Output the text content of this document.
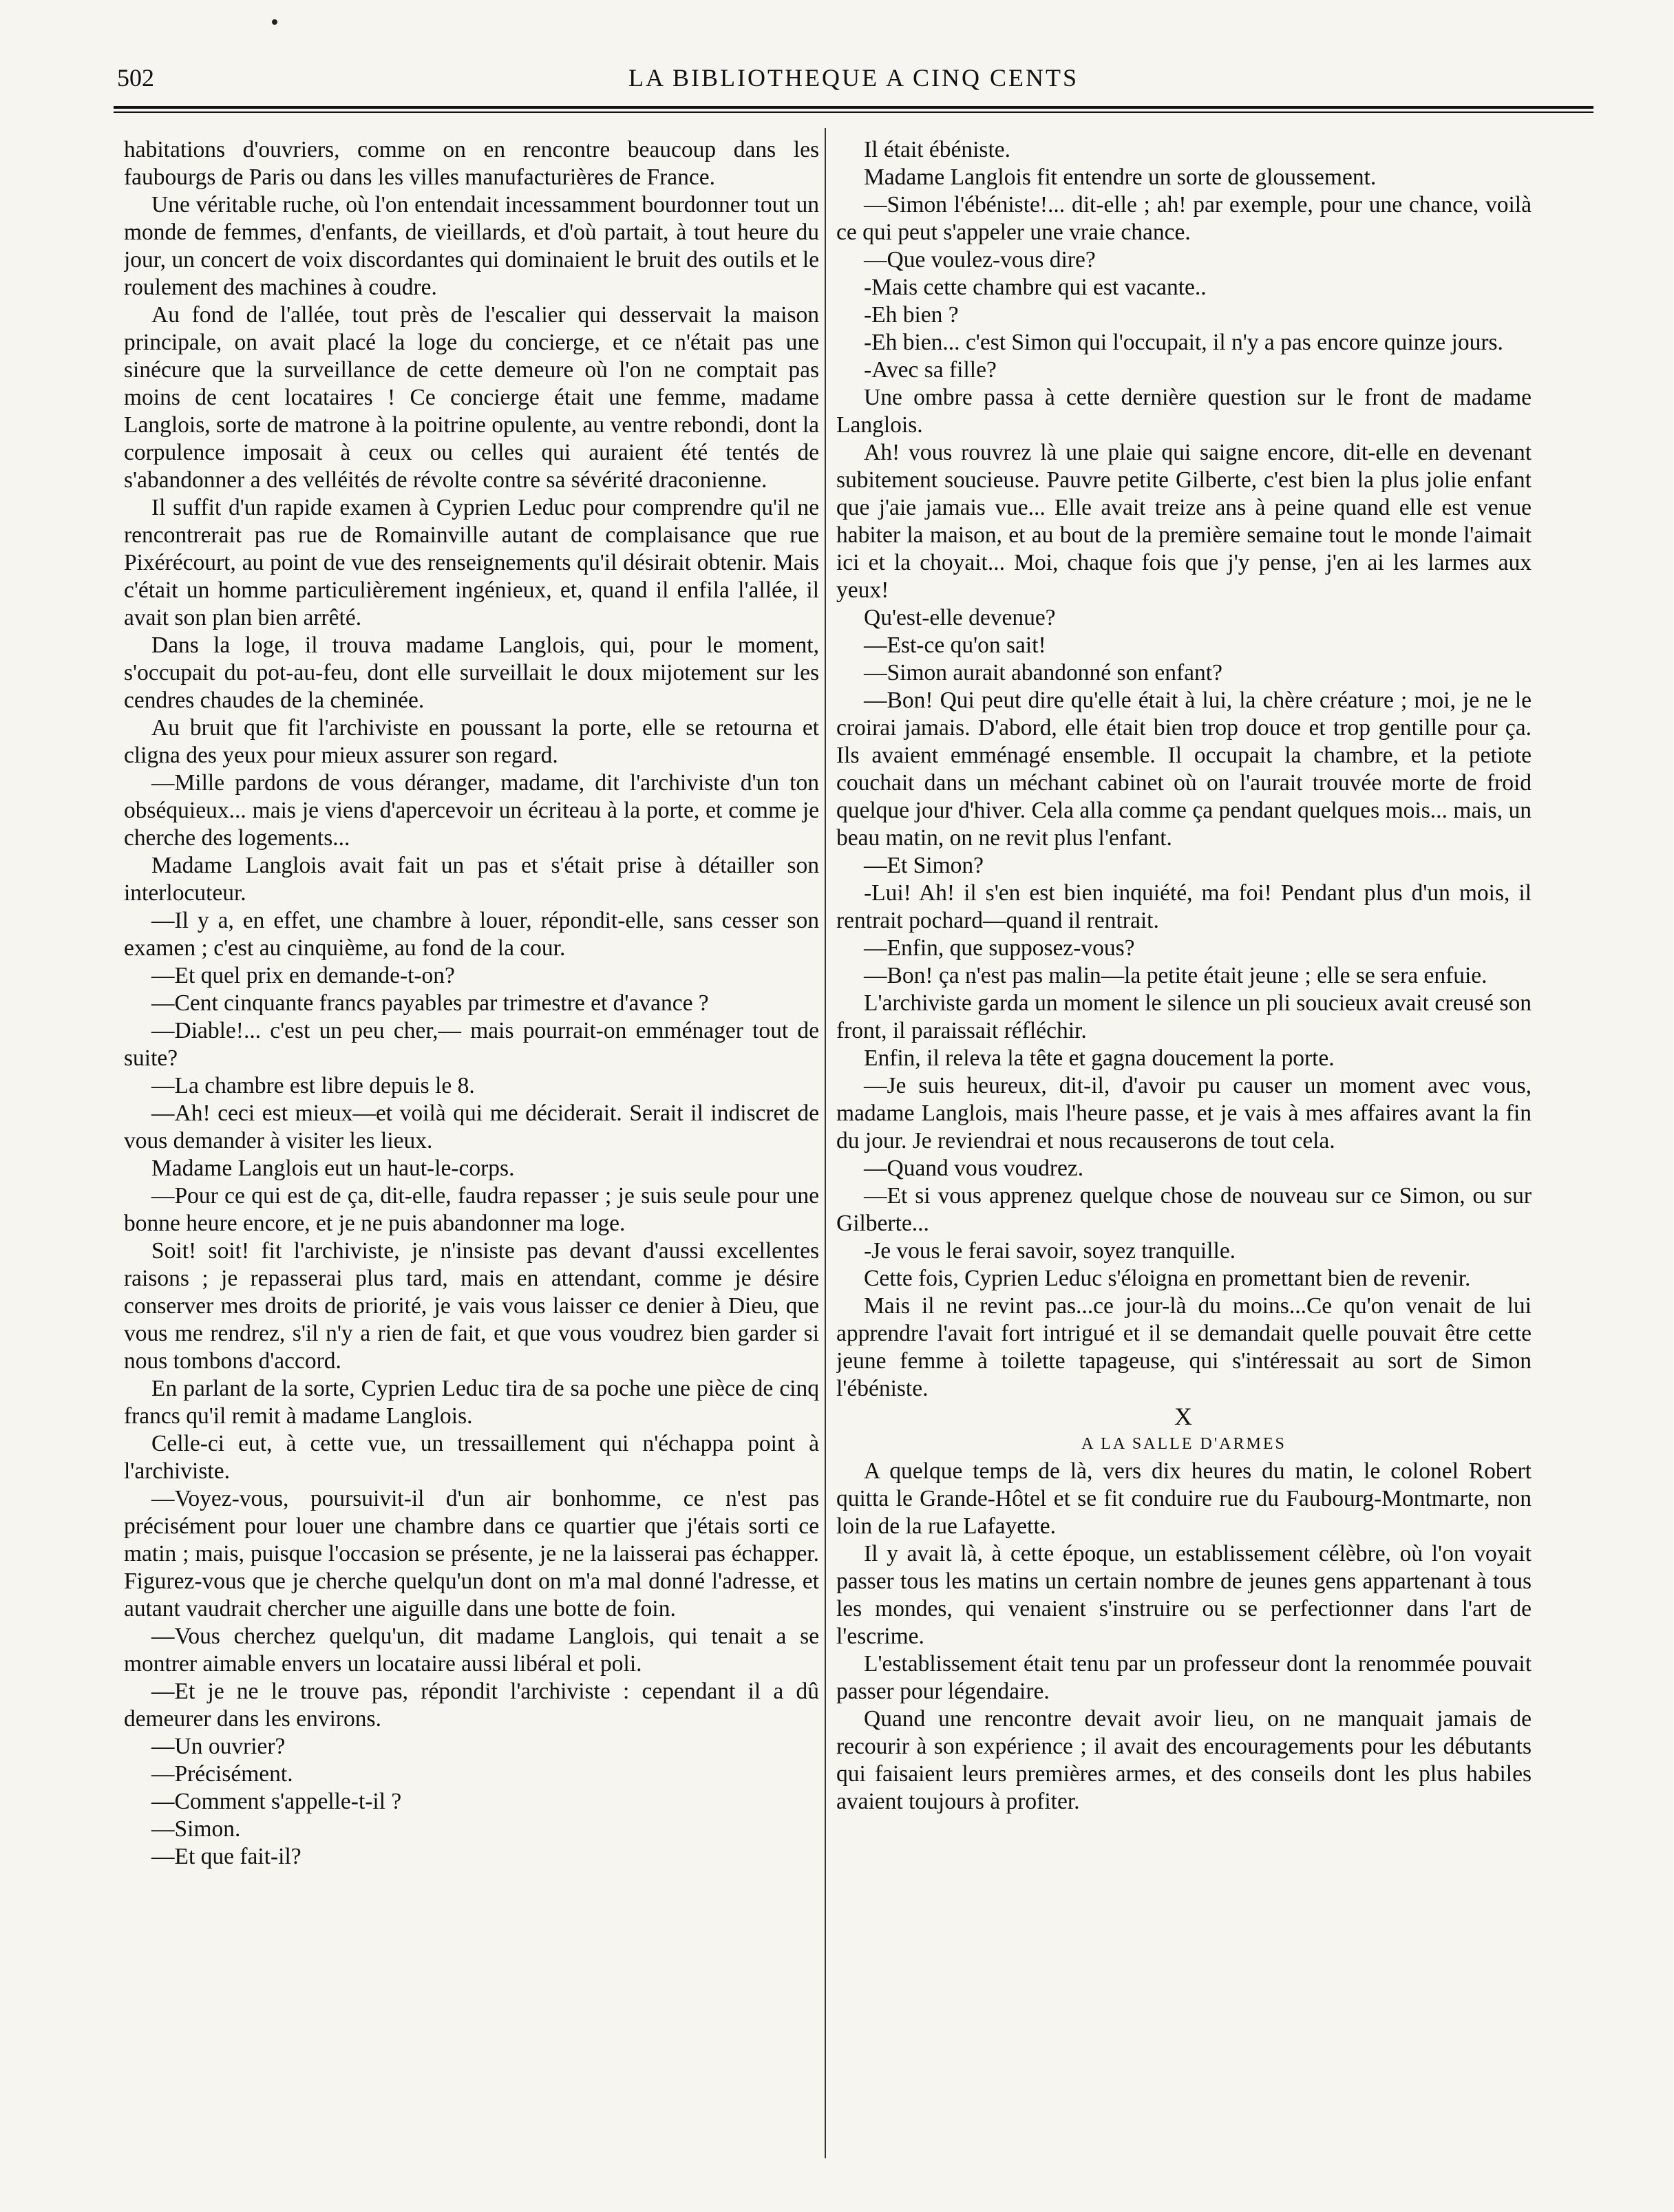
502	LA BIBLIOTHEQUE A CINQ CENTS

habitations d'ouvriers, comme on en rencontre beaucoup dans les faubourgs de Paris ou dans les villes manufacturières de France.

Une véritable ruche, où l'on entendait incessamment bourdonner tout un monde de femmes, d'enfants, de vieillards, et d'où partait, à tout heure du jour, un concert de voix discordantes qui dominaient le bruit des outils et le roulement des machines à coudre.

Au fond de l'allée, tout près de l'escalier qui desservait la maison principale, on avait placé la loge du concierge, et ce n'était pas une sinécure que la surveillance de cette demeure où l'on ne comptait pas moins de cent locataires ! Ce concierge était une femme, madame Langlois, sorte de matrone à la poitrine opulente, au ventre rebondi, dont la corpulence imposait à ceux ou celles qui auraient été tentés de s'abandonner a des velléités de révolte contre sa sévérité draconienne.

Il suffit d'un rapide examen à Cyprien Leduc pour comprendre qu'il ne rencontrerait pas rue de Romainville autant de complaisance que rue Pixérécourt, au point de vue des renseignements qu'il désirait obtenir. Mais c'était un homme particulièrement ingénieux, et, quand il enfila l'allée, il avait son plan bien arrêté.

Dans la loge, il trouva madame Langlois, qui, pour le moment, s'occupait du pot-au-feu, dont elle surveillait le doux mijotement sur les cendres chaudes de la cheminée.

Au bruit que fit l'archiviste en poussant la porte, elle se retourna et cligna des yeux pour mieux assurer son regard.

—Mille pardons de vous déranger, madame, dit l'archiviste d'un ton obséquieux... mais je viens d'apercevoir un écriteau à la porte, et comme je cherche des logements...

Madame Langlois avait fait un pas et s'était prise à détailler son interlocuteur.

—Il y a, en effet, une chambre à louer, répondit-elle, sans cesser son examen ; c'est au cinquième, au fond de la cour.

—Et quel prix en demande-t-on?

—Cent cinquante francs payables par trimestre et d'avance ?

—Diable!... c'est un peu cher,— mais pourrait-on emménager tout de suite?

—La chambre est libre depuis le 8.

—Ah! ceci est mieux—et voilà qui me déciderait. Serait il indiscret de vous demander à visiter les lieux.

Madame Langlois eut un haut-le-corps.

—Pour ce qui est de ça, dit-elle, faudra repasser ; je suis seule pour une bonne heure encore, et je ne puis abandonner ma loge.

Soit! soit! fit l'archiviste, je n'insiste pas devant d'aussi excellentes raisons ; je repasserai plus tard, mais en attendant, comme je désire conserver mes droits de priorité, je vais vous laisser ce denier à Dieu, que vous me rendrez, s'il n'y a rien de fait, et que vous voudrez bien garder si nous tombons d'accord.

En parlant de la sorte, Cyprien Leduc tira de sa poche une pièce de cinq francs qu'il remit à madame Langlois.

Celle-ci eut, à cette vue, un tressaillement qui n'échappa point à l'archiviste.

—Voyez-vous, poursuivit-il d'un air bonhomme, ce n'est pas précisément pour louer une chambre dans ce quartier que j'étais sorti ce matin ; mais, puisque l'occasion se présente, je ne la laisserai pas échapper. Figurez-vous que je cherche quelqu'un dont on m'a mal donné l'adresse, et autant vaudrait chercher une aiguille dans une botte de foin.

—Vous cherchez quelqu'un, dit madame Langlois, qui tenait a se montrer aimable envers un locataire aussi libéral et poli.

—Et je ne le trouve pas, répondit l'archiviste : cependant il a dû demeurer dans les environs.

—Un ouvrier?

—Précisément.

—Comment s'appelle-t-il ?

—Simon.

—Et que fait-il?

Il était ébéniste.

Madame Langlois fit entendre un sorte de gloussement.

—Simon l'ébéniste!... dit-elle ; ah! par exemple, pour une chance, voilà ce qui peut s'appeler une vraie chance.

—Que voulez-vous dire?

-Mais cette chambre qui est vacante..

-Eh bien ?

-Eh bien... c'est Simon qui l'occupait, il n'y a pas encore quinze jours.

-Avec sa fille?

Une ombre passa à cette dernière question sur le front de madame Langlois.

Ah! vous rouvrez là une plaie qui saigne encore, dit-elle en devenant subitement soucieuse. Pauvre petite Gilberte, c'est bien la plus jolie enfant que j'aie jamais vue... Elle avait treize ans à peine quand elle est venue habiter la maison, et au bout de la première semaine tout le monde l'aimait ici et la choyait... Moi, chaque fois que j'y pense, j'en ai les larmes aux yeux!

Qu'est-elle devenue?

—Est-ce qu'on sait!

—Simon aurait abandonné son enfant?

—Bon! Qui peut dire qu'elle était à lui, la chère créature ; moi, je ne le croirai jamais. D'abord, elle était bien trop douce et trop gentille pour ça. Ils avaient emménagé ensemble. Il occupait la chambre, et la petiote couchait dans un méchant cabinet où on l'aurait trouvée morte de froid quelque jour d'hiver. Cela alla comme ça pendant quelques mois... mais, un beau matin, on ne revit plus l'enfant.

—Et Simon?

-Lui! Ah! il s'en est bien inquiété, ma foi! Pendant plus d'un mois, il rentrait pochard—quand il rentrait.

—Enfin, que supposez-vous?

—Bon! ça n'est pas malin—la petite était jeune ; elle se sera enfuie.

L'archiviste garda un moment le silence un pli soucieux avait creusé son front, il paraissait réfléchir.

Enfin, il releva la tête et gagna doucement la porte.

—Je suis heureux, dit-il, d'avoir pu causer un moment avec vous, madame Langlois, mais l'heure passe, et je vais à mes affaires avant la fin du jour. Je reviendrai et nous recauserons de tout cela.

—Quand vous voudrez.

—Et si vous apprenez quelque chose de nouveau sur ce Simon, ou sur Gilberte...

-Je vous le ferai savoir, soyez tranquille.

Cette fois, Cyprien Leduc s'éloigna en promettant bien de revenir.

Mais il ne revint pas...ce jour-là du moins...Ce qu'on venait de lui apprendre l'avait fort intrigué et il se demandait quelle pouvait être cette jeune femme à toilette tapageuse, qui s'intéressait au sort de Simon l'ébéniste.

X

A LA SALLE D'ARMES

A quelque temps de là, vers dix heures du matin, le colonel Robert quitta le Grande-Hôtel et se fit conduire rue du Faubourg-Montmarte, non loin de la rue Lafayette.

Il y avait là, à cette époque, un establissement célèbre, où l'on voyait passer tous les matins un certain nombre de jeunes gens appartenant à tous les mondes, qui venaient s'instruire ou se perfectionner dans l'art de l'escrime.

L'establissement était tenu par un professeur dont la renommée pouvait passer pour légendaire.

Quand une rencontre devait avoir lieu, on ne manquait jamais de recourir à son expérience ; il avait des encouragements pour les débutants qui faisaient leurs premières armes, et des conseils dont les plus habiles avaient toujours à profiter.
